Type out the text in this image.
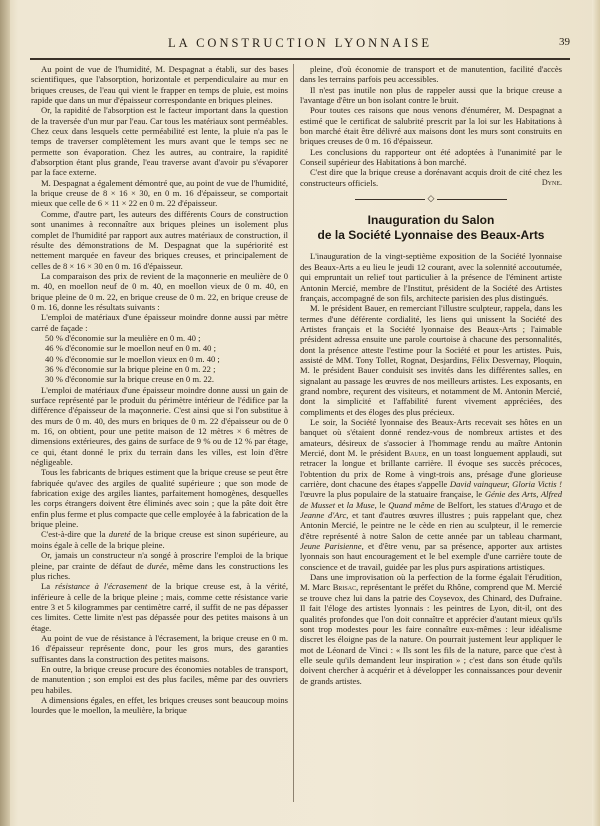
LA CONSTRUCTION LYONNAISE	39

Au point de vue de l'humidité, M. Despagnat a établi, sur des bases scientifiques, que l'absorption, horizontale et perpendiculaire au mur en briques creuses, de l'eau qui vient le frapper en temps de pluie, est moins rapide que dans un mur d'épaisseur correspondante en briques pleines.

Or, la rapidité de l'absorption est le facteur important dans la question de la traversée d'un mur par l'eau. Car tous les matériaux sont perméables. Chez ceux dans lesquels cette perméabilité est lente, la pluie n'a pas le temps de traverser complètement les murs avant que le temps sec ne permette son évaporation. Chez les autres, au contraire, la rapidité d'absorption étant plus grande, l'eau traverse avant d'avoir pu s'évaporer par la face externe.

M. Despagnat a également démontré que, au point de vue de l'humidité, la brique creuse de 8 × 16 × 30, en 0 m. 16 d'épaisseur, se comportait mieux que celle de 6 × 11 × 22 en 0 m. 22 d'épaisseur.

Comme, d'autre part, les auteurs des différents Cours de construction sont unanimes à reconnaître aux briques pleines un isolement plus complet de l'humidité par rapport aux autres matériaux de construction, il résulte des démonstrations de M. Despagnat que la supériorité est nettement marquée en faveur des briques creuses, et principalement de celles de 8 × 16 × 30 en 0 m. 16 d'épaisseur.

La comparaison des prix de revient de la maçonnerie en meulière de 0 m. 40, en moellon neuf de 0 m. 40, en moellon vieux de 0 m. 40, en brique pleine de 0 m. 22, en brique creuse de 0 m. 22, en brique creuse de 0 m. 16, donne les résultats suivants :

L'emploi de matériaux d'une épaisseur moindre donne aussi par mètre carré de façade :

50 % d'économie sur la meulière en 0 m. 40 ;
46 % d'économie sur le moellon neuf en 0 m. 40 ;
40 % d'économie sur le moellon vieux en 0 m. 40 ;
36 % d'économie sur la brique pleine en 0 m. 22 ;
30 % d'économie sur la brique creuse en 0 m. 22.

L'emploi de matériaux d'une épaisseur moindre donne aussi un gain de surface représenté par le produit du périmètre intérieur de l'édifice par la différence d'épaisseur de la maçonnerie. C'est ainsi que si l'on substitue à des murs de 0 m. 40, des murs en briques de 0 m. 22 d'épaisseur ou de 0 m. 16, on obtient, pour une petite maison de 12 mètres × 6 mètres de dimensions extérieures, des gains de surface de 9 % ou de 12 % par étage, ce qui, étant donné le prix du terrain dans les villes, est loin d'être négligeable.

Tous les fabricants de briques estiment que la brique creuse se peut être fabriquée qu'avec des argiles de qualité supérieure ; que son mode de fabrication exige des argiles liantes, parfaitement homogènes, desquelles les corps étrangers doivent être éliminés avec soin ; que la pâte doit être enfin plus ferme et plus compacte que celle employée à la fabrication de la brique pleine.

C'est-à-dire que la dureté de la brique creuse est sinon supérieure, au moins égale à celle de la brique pleine.

Or, jamais un constructeur n'a songé à proscrire l'emploi de la brique pleine, par crainte de défaut de durée, même dans les constructions les plus riches.

La résistance à l'écrasement de la brique creuse est, à la vérité, inférieure à celle de la brique pleine ; mais, comme cette résistance varie entre 3 et 5 kilogrammes par centimètre carré, il suffit de ne pas dépasser ces limites. Cette limite n'est pas dépassée pour des petites maisons à un étage.

Au point de vue de résistance à l'écrasement, la brique creuse en 0 m. 16 d'épaisseur représente donc, pour les gros murs, des garanties suffisantes dans la construction des petites maisons.

En outre, la brique creuse procure des économies notables de transport, de manutention ; son emploi est des plus faciles, même par des ouvriers peu habiles.

A dimensions égales, en effet, les briques creuses sont beaucoup moins lourdes que le moellon, la meulière, la brique

pleine, d'où économie de transport et de manutention, facilité d'accès dans les terrains parfois peu accessibles.

Il n'est pas inutile non plus de rappeler aussi que la brique creuse a l'avantage d'être un bon isolant contre le bruit.

Pour toutes ces raisons que nous venons d'énumérer, M. Despagnat a estimé que le certificat de salubrité prescrit par la loi sur les Habitations à bon marché était être délivré aux maisons dont les murs sont construits en briques creuses de 0 m. 16 d'épaisseur.

Les conclusions du rapporteur ont été adoptées à l'unanimité par le Conseil supérieur des Habitations à bon marché.

C'est dire que la brique creuse a dorénavant acquis droit de cité chez les constructeurs officiels.	Dyne.

◇
Inauguration du Salon
de la Société Lyonnaise des Beaux-Arts

L'inauguration de la vingt-septième exposition de la Société lyonnaise des Beaux-Arts a eu lieu le jeudi 12 courant, avec la solennité accoutumée, qui empruntait un relief tout particulier à la présence de l'éminent artiste Antonin Mercié, membre de l'Institut, président de la Société des Artistes français, accompagné de son fils, architecte parisien des plus distingués.

M. le président Bauer, en remerciant l'illustre sculpteur, rappela, dans les termes d'une déférente cordialité, les liens qui unissent la Société des Artistes français et la Société lyonnaise des Beaux-Arts ; l'aimable président adressa ensuite une parole courtoise à chacune des personnalités, dont la présence atteste l'estime pour la Société et pour les artistes. Puis, assisté de MM. Tony Tollet, Rognat, Desjardins, Félix Desvernay, Ploquin, M. le président Bauer conduisit ses invités dans les différentes salles, en signalant au passage les œuvres de nos meilleurs artistes. Les exposants, en grand nombre, reçurent des visiteurs, et notamment de M. Antonin Mercié, dont la simplicité et l'affabilité furent vivement appréciées, des compliments et des éloges des plus précieux.

Le soir, la Société lyonnaise des Beaux-Arts recevait ses hôtes en un banquet où s'étaient donné rendez-vous de nombreux artistes et des amateurs, désireux de s'associer à l'hommage rendu au maître Antonin Mercié, dont M. le président Bauer, en un toast longuement applaudi, sut retracer la longue et brillante carrière. Il évoque ses succès précoces, l'obtention du prix de Rome à vingt-trois ans, présage d'une glorieuse carrière, dont chacune des étapes s'appelle David vainqueur, Gloria Victis ! l'œuvre la plus populaire de la statuaire française, le Génie des Arts, Alfred de Musset et la Muse, le Quand même de Belfort, les statues d'Arago et de Jeanne d'Arc, et tant d'autres œuvres illustres ; puis rappelant que, chez Antonin Mercié, le peintre ne le cède en rien au sculpteur, il le remercie d'être représenté à notre Salon de cette année par un tableau charmant, Jeune Parisienne, et d'être venu, par sa présence, apporter aux artistes lyonnais son haut encouragement et le bel exemple d'une carrière toute de conscience et de travail, guidée par les plus purs aspirations artistiques.

Dans une improvisation où la perfection de la forme égalait l'érudition, M. Marc Brisac, représentant le préfet du Rhône, comprend que M. Mercié se trouve chez lui dans la patrie des Coysevox, des Chinard, des Dufraine. Il fait l'éloge des artistes lyonnais : les peintres de Lyon, dit-il, ont des qualités profondes que l'on doit connaître et apprécier d'autant mieux qu'ils sont trop modestes pour les faire connaître eux-mêmes : leur idéalisme discret les éloigne pas de la nature. On pourrait justement leur appliquer le mot de Léonard de Vinci : « Ils sont les fils de la nature, parce que c'est à elle seule qu'ils demandent leur inspiration » ; c'est dans son étude qu'ils doivent chercher à acquérir et à développer les connaissances pour devenir de grands artistes.
